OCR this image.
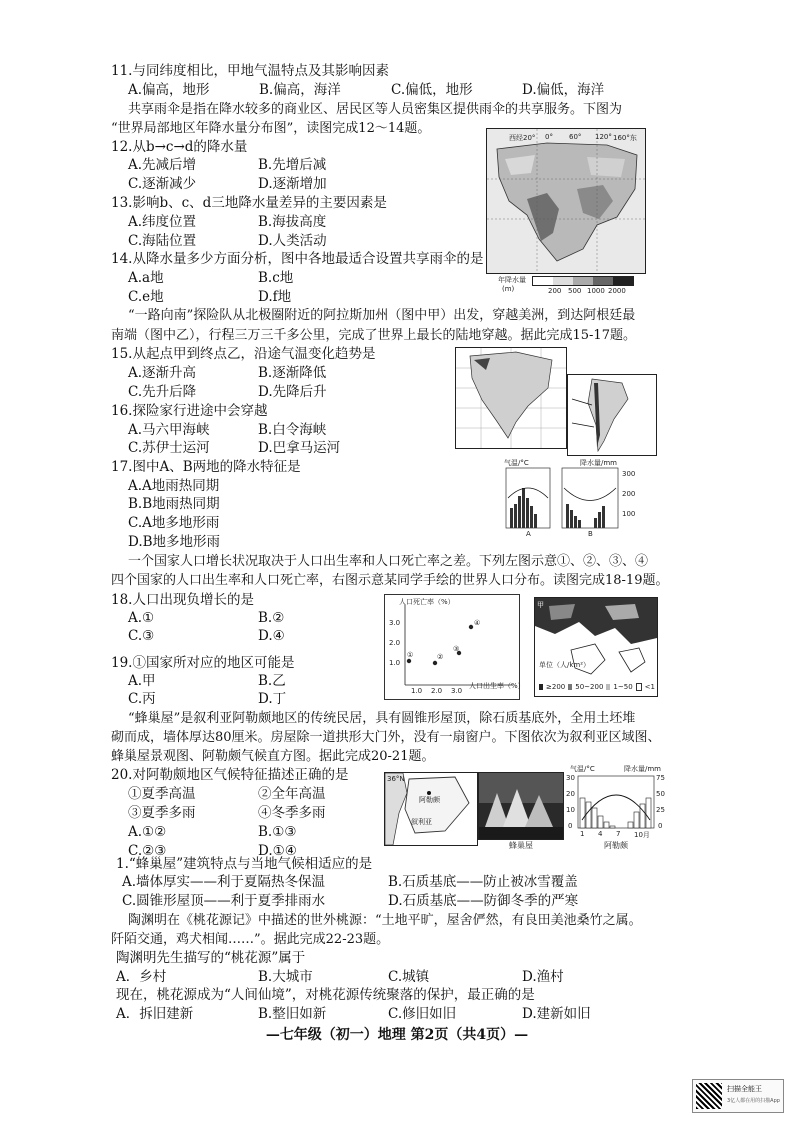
11.与同纬度相比，甲地气温特点及其影响因素
A.偏高，地形	B.偏高，海洋	C.偏低，地形	D.偏低，海洋
共享雨伞是指在降水较多的商业区、居民区等人员密集区提供雨伞的共享服务。下图为
“世界局部地区年降水量分布图”，读图完成12～14题。
12.从b→c→d的降水量
A.先减后增	B.先增后减
C.逐渐减少	D.逐渐增加
13.影响b、c、d三地降水量差异的主要因素是
A.纬度位置	B.海拔高度
C.海陆位置	D.人类活动
14.从降水量多少方面分析，图中各地最适合设置共享雨伞的是
A.a地	B.c地
C.e地	D.f地
西经20° 0° 60° 120° 160°东
年降水量
(m)	200 500 1000 2000
“一路向南”探险队从北极圈附近的阿拉斯加州（图中甲）出发，穿越美洲，到达阿根廷最
南端（图中乙），行程三万三千多公里，完成了世界上最长的陆地穿越。据此完成15-17题。
15.从起点甲到终点乙，沿途气温变化趋势是
A.逐渐升高	B.逐渐降低
C.先升后降	D.先降后升
16.探险家行进途中会穿越
A.马六甲海峡	B.白令海峡
C.苏伊士运河	D.巴拿马运河
17.图中A、B两地的降水特征是
A.A地雨热同期
B.B地雨热同期
C.A地多地形雨
D.B地多地形雨
气温/°C	降水量/mm
300
200
100
A	B
一个国家人口增长状况取决于人口出生率和人口死亡率之差。下列左图示意①、②、③、④
四个国家的人口出生率和人口死亡率，右图示意某同学手绘的世界人口分布。读图完成18-19题。
18.人口出现负增长的是
A.①	B.②
C.③	D.④
19.①国家所对应的地区可能是
A.甲	B.乙
C.丙	D.丁
人口死亡率（%）
3.0
2.0
1.0
1.0 2.0 3.0
人口出生率（%）
①	②
③
④
甲
单位（人/km²）
≥200 50~200 1~50 <1
“蜂巢屋”是叙利亚阿勒颇地区的传统民居，具有圆锥形屋顶，除石质基底外，全用土坯堆
砌而成，墙体厚达80厘米。房屋除一道拱形大门外，没有一扇窗户。下图依次为叙利亚区域图、
蜂巢屋景观图、阿勒颇气候直方图。据此完成20-21题。
20.对阿勒颇地区气候特征描述正确的是
①夏季高温	②全年高温
③夏季多雨	④冬季多雨
A.①②	B.①③
C.②③	D.①④
36°N
阿勒颇
叙利亚
蜂巢屋
气温/°C	降水量/mm
30
20
10
0
75
50
25
0
1 4 7 10月
阿勒颇
1.“蜂巢屋”建筑特点与当地气候相适应的是
A.墙体厚实——利于夏隔热冬保温	B.石质基底——防止被冰雪覆盖
C.圆锥形屋顶——利于夏季排雨水	D.石质基底——防御冬季的严寒
陶渊明在《桃花源记》中描述的世外桃源：“土地平旷，屋舍俨然，有良田美池桑竹之属。
阡陌交通，鸡犬相闻……”。据此完成22-23题。
陶渊明先生描写的“桃花源”属于
A．乡村	B.大城市	C.城镇	D.渔村
现在，桃花源成为“人间仙境”，对桃花源传统聚落的保护，最正确的是
A．拆旧建新	B.整旧如新	C.修旧如旧	D.建新如旧
—七年级（初一）地理 第2页（共4页）—
扫描全能王
3亿人都在用的扫描App
